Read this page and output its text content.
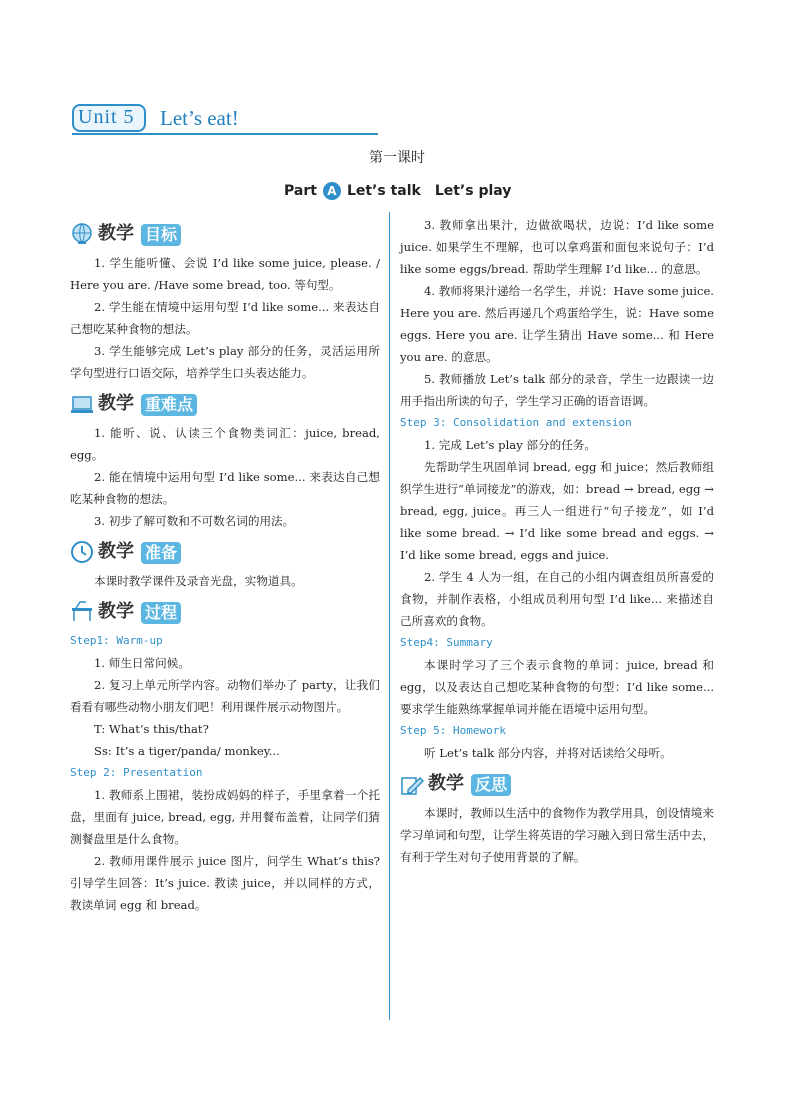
Unit 5 Let’s eat!
第一课时
Part A Let’s talk　Let’s play
教学 目标

1. 学生能听懂、会说 I’d like some juice, please. / Here you are. /Have some bread, too. 等句型。

2. 学生能在情境中运用句型 I’d like some... 来表达自己想吃某种食物的想法。

3. 学生能够完成 Let’s play 部分的任务，灵活运用所学句型进行口语交际，培养学生口头表达能力。

教学 重难点

1. 能听、说、认读三个食物类词汇：juice, bread, egg。

2. 能在情境中运用句型 I’d like some... 来表达自己想吃某种食物的想法。

3. 初步了解可数和不可数名词的用法。

教学 准备

本课时教学课件及录音光盘，实物道具。

教学 过程
Step1: Warm-up

1. 师生日常问候。

2. 复习上单元所学内容。动物们举办了 party，让我们看看有哪些动物小朋友们吧！利用课件展示动物图片。

T: What’s this/that?

Ss: It’s a tiger/panda/ monkey...

Step 2: Presentation

1. 教师系上围裙，装扮成妈妈的样子，手里拿着一个托盘，里面有 juice, bread, egg, 并用餐布盖着，让同学们猜测餐盘里是什么食物。

2. 教师用课件展示 juice 图片，问学生 What’s this? 引导学生回答：It’s juice. 教读 juice，并以同样的方式，教读单词 egg 和 bread。

3. 教师拿出果汁，边做欲喝状，边说：I’d like some juice. 如果学生不理解，也可以拿鸡蛋和面包来说句子：I’d like some eggs/bread. 帮助学生理解 I’d like... 的意思。

4. 教师将果汁递给一名学生，并说：Have some juice. Here you are. 然后再递几个鸡蛋给学生，说：Have some eggs. Here you are. 让学生猜出 Have some... 和 Here you are. 的意思。

5. 教师播放 Let’s talk 部分的录音，学生一边跟读一边用手指出所读的句子，学生学习正确的语音语调。

Step 3: Consolidation and extension

1. 完成 Let’s play 部分的任务。

先帮助学生巩固单词 bread, egg 和 juice；然后教师组织学生进行“单词接龙”的游戏，如：bread → bread, egg → bread, egg, juice。再三人一组进行“句子接龙”，如 I’d like some bread. → I’d like some bread and eggs. → I’d like some bread, eggs and juice.

2. 学生 4 人为一组，在自己的小组内调查组员所喜爱的食物，并制作表格，小组成员利用句型 I’d like... 来描述自己所喜欢的食物。

Step4: Summary

本课时学习了三个表示食物的单词：juice, bread 和 egg，以及表达自己想吃某种食物的句型：I’d like some... 要求学生能熟练掌握单词并能在语境中运用句型。

Step 5: Homework

听 Let’s talk 部分内容，并将对话读给父母听。

教学 反思

本课时，教师以生活中的食物作为教学用具，创设情境来学习单词和句型，让学生将英语的学习融入到日常生活中去，有利于学生对句子使用背景的了解。
